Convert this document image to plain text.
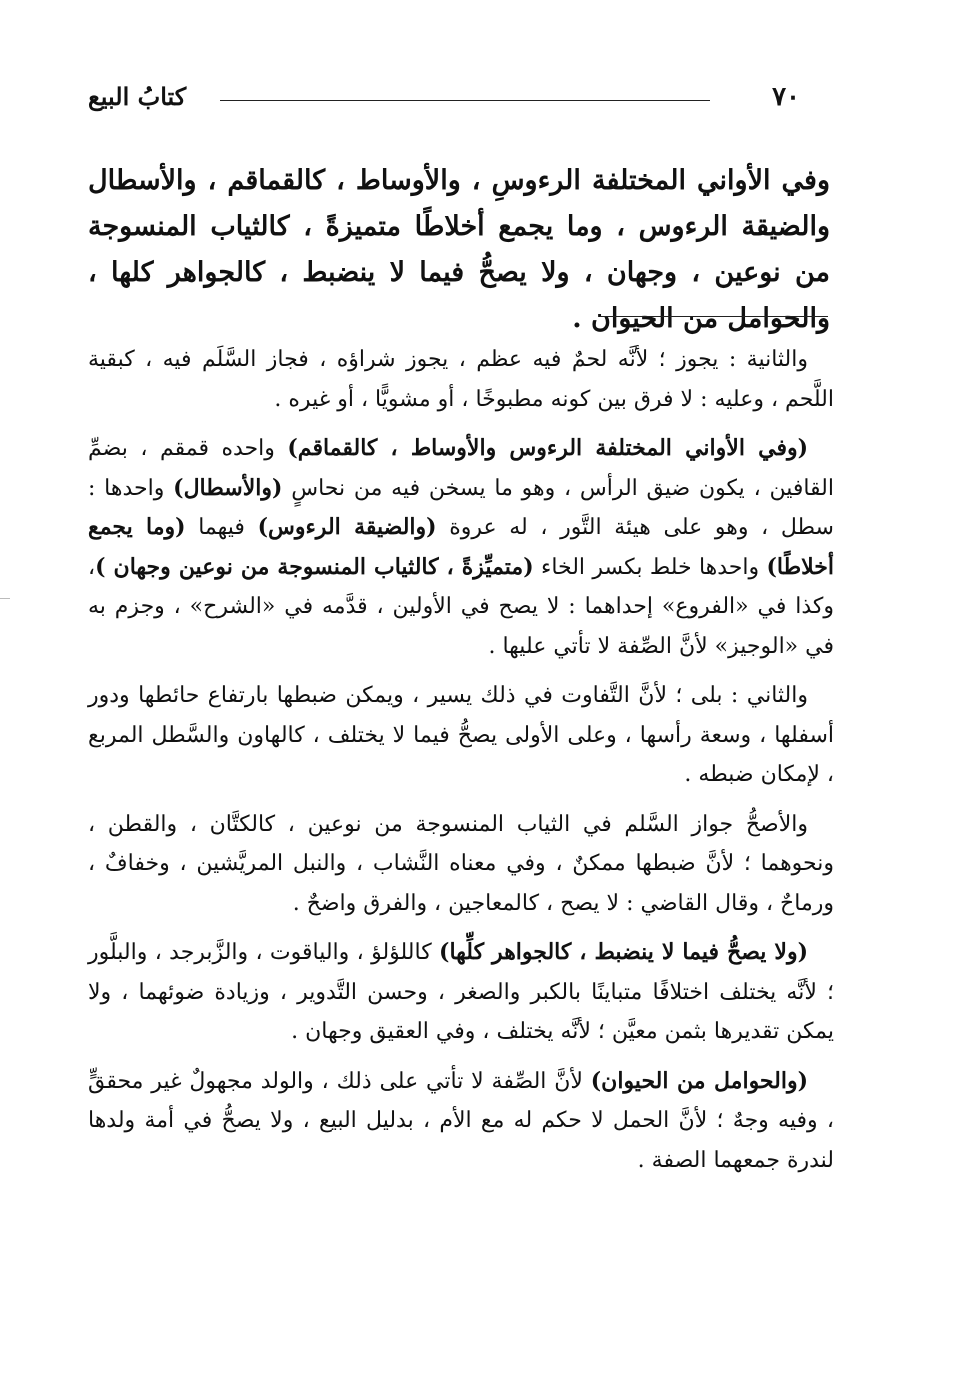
كتابُ البيع	٧٠
وفي الأواني المختلفة الرءوسِ ، والأوساط ، كالقماقم ، والأسطال والضيقة الرءوس ، وما يجمع أخلاطًا متميزةً ، كالثياب المنسوجة من نوعين ، وجهان ، ولا يصحُّ فيما لا ينضبط ، كالجواهر كلها ، والحوامل من الحيوان .

والثانية : يجوز ؛ لأنَّه لحمٌ فيه عظم ، يجوز شراؤه ، فجاز السَّلَم فيه ، كبقية اللَّحم ، وعليه : لا فرق بين كونه مطبوخًا ، أو مشويًّا ، أو غيره .

(وفي الأواني المختلفة الرءوس والأوساط ، كالقماقم) واحده قمقم ، بضمِّ القافين ، يكون ضيق الرأس ، وهو ما يسخن فيه من نحاسٍ (والأسطال) واحدها : سطل ، وهو على هيئة التَّور ، له عروة (والضيقة الرءوس) فيهما (وما يجمع أخلاطًا) واحدها خلط بكسر الخاء (متميِّزةً ، كالثياب المنسوجة من نوعين وجهان )، وكذا في «الفروع» إحداهما : لا يصح في الأولين ، قدَّمه في «الشرح» ، وجزم به في «الوجيز» لأنَّ الصِّفة لا تأتي عليها .

والثاني : بلى ؛ لأنَّ التَّفاوت في ذلك يسير ، ويمكن ضبطها بارتفاع حائطها ودور أسفلها ، وسعة رأسها ، وعلى الأولى يصحُّ فيما لا يختلف ، كالهاون والسَّطل المربع ، لإمكان ضبطه .

والأصحُّ جواز السَّلم في الثياب المنسوجة من نوعين ، كالكتَّان ، والقطن ، ونحوهما ؛ لأنَّ ضبطها ممكنٌ ، وفي معناه النَّشاب ، والنبل المريَّشين ، وخفافٌ ، ورماحٌ ، وقال القاضي : لا يصح ، كالمعاجين ، والفرق واضحٌ .

(ولا يصحُّ فيما لا ينضبط ، كالجواهر كلِّها) كاللؤلؤ ، والياقوت ، والزَّبرجد ، والبلَّور ؛ لأنَّه يختلف اختلافًا متباينًا بالكبر والصغر ، وحسن التَّدوير ، وزيادة ضوئهما ، ولا يمكن تقديرها بثمن معيَّن ؛ لأنَّه يختلف ، وفي العقيق وجهان .

(والحوامل من الحيوان) لأنَّ الصِّفة لا تأتي على ذلك ، والولد مجهولٌ غير محققٍّ ، وفيه وجهٌ ؛ لأنَّ الحمل لا حكم له مع الأم ، بدليل البيع ، ولا يصحُّ في أمة ولدها لندرة جمعهما الصفة .
